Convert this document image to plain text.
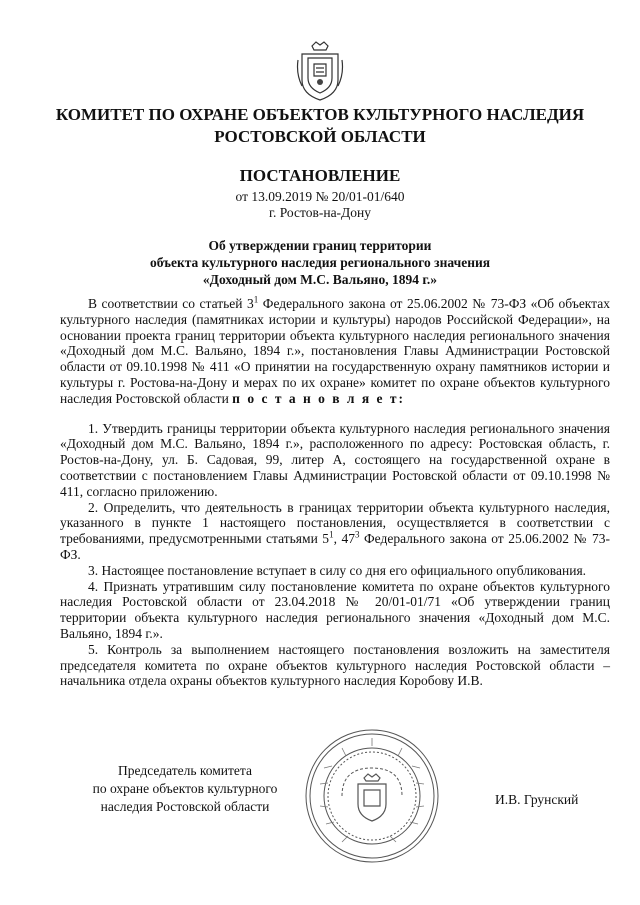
КОМИТЕТ ПО ОХРАНЕ ОБЪЕКТОВ КУЛЬТУРНОГО НАСЛЕДИЯ
РОСТОВСКОЙ ОБЛАСТИ
ПОСТАНОВЛЕНИЕ
от 13.09.2019 № 20/01-01/640
г. Ростов-на-Дону
Об утверждении границ территории
объекта культурного наследия регионального значения
«Доходный дом М.С. Вальяно, 1894 г.»

В соответствии со статьей $3^1$ Федерального закона от 25.06.2002 № 73-ФЗ «Об объектах культурного наследия (памятниках истории и культуры) народов Российской Федерации», на основании проекта границ территории объекта культурного наследия регионального значения «Доходный дом М.С. Вальяно, 1894 г.», постановления Главы Администрации Ростовской области от 09.10.1998 № 411 «О принятии на государственную охрану памятников истории и культуры г. Ростова-на-Дону и мерах по их охране» комитет по охране объектов культурного наследия Ростовской области п о с т а н о в л я е т:

1. Утвердить границы территории объекта культурного наследия регионального значения «Доходный дом М.С. Вальяно, 1894 г.», расположенного по адресу: Ростовская область, г. Ростов-на-Дону, ул. Б. Садовая, 99, литер А, состоящего на государственной охране в соответствии с постановлением Главы Администрации Ростовской области от 09.10.1998 № 411, согласно приложению.

2. Определить, что деятельность в границах территории объекта культурного наследия, указанного в пункте 1 настоящего постановления, осуществляется в соответствии с требованиями, предусмотренными статьями $5^1$, $47^3$ Федерального закона от 25.06.2002 № 73-ФЗ.

3. Настоящее постановление вступает в силу со дня его официального опубликования.

4. Признать утратившим силу постановление комитета по охране объектов культурного наследия Ростовской области от 23.04.2018 № 20/01-01/71 «Об утверждении границ территории объекта культурного наследия регионального значения «Доходный дом М.С. Вальяно, 1894 г.».

5. Контроль за выполнением настоящего постановления возложить на заместителя председателя комитета по охране объектов культурного наследия Ростовской области – начальника отдела охраны объектов культурного наследия Коробову И.В.

Председатель комитета
по охране объектов культурного
наследия Ростовской области	И.В. Грунский
